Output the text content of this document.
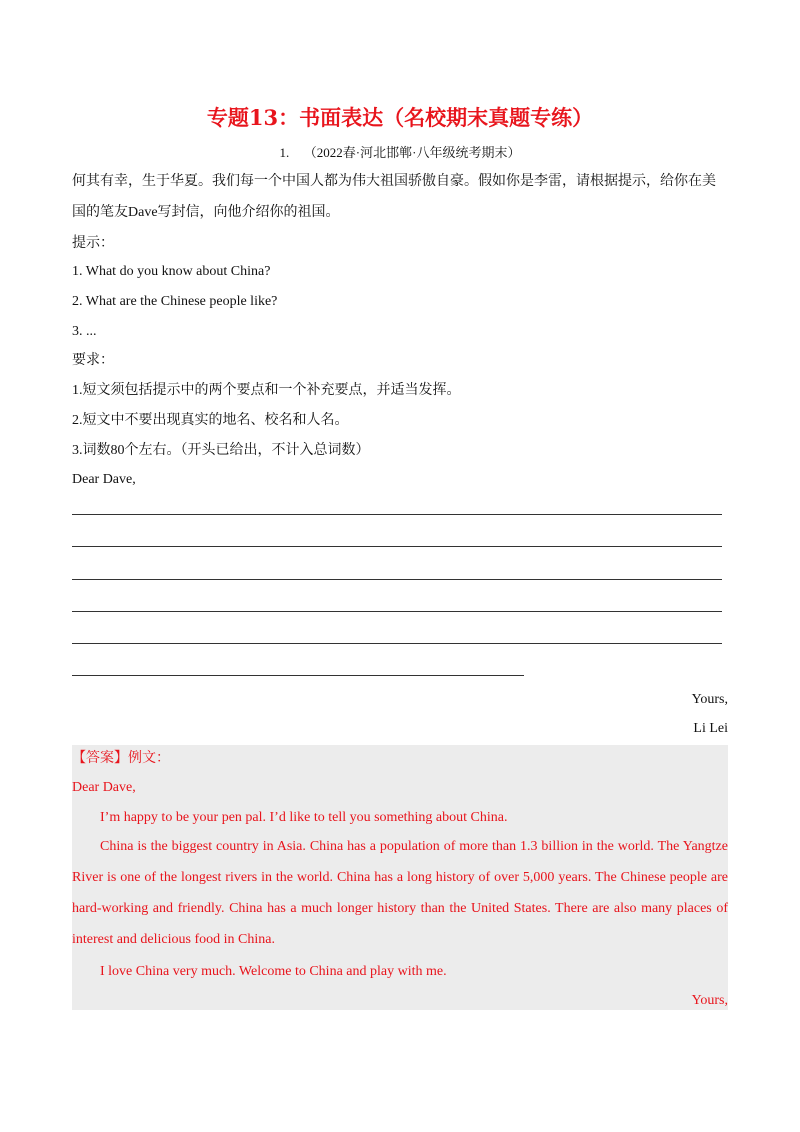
专题13：书面表达（名校期末真题专练）
1. （2022春·河北邯郸·八年级统考期末）
何其有幸，生于华夏。我们每一个中国人都为伟大祖国骄傲自豪。假如你是李雷，请根据提示，给你在美
国的笔友Dave写封信，向他介绍你的祖国。
提示：
1. What do you know about China?
2. What are the Chinese people like?
3. ...
要求：
1.短文须包括提示中的两个要点和一个补充要点，并适当发挥。
2.短文中不要出现真实的地名、校名和人名。
3.词数80个左右。（开头已给出，不计入总词数）
Dear Dave,
Yours,
Li Lei
【答案】例文：
Dear Dave,
I’m happy to be your pen pal. I’d like to tell you something about China.
China is the biggest country in Asia. China has a population of more than 1.3 billion in the world. The Yangtze River is one of the longest rivers in the world. China has a long history of over 5,000 years. The Chinese people are hard-working and friendly. China has a much longer history than the United States. There are also many places of interest and delicious food in China.
I love China very much. Welcome to China and play with me.
Yours,
